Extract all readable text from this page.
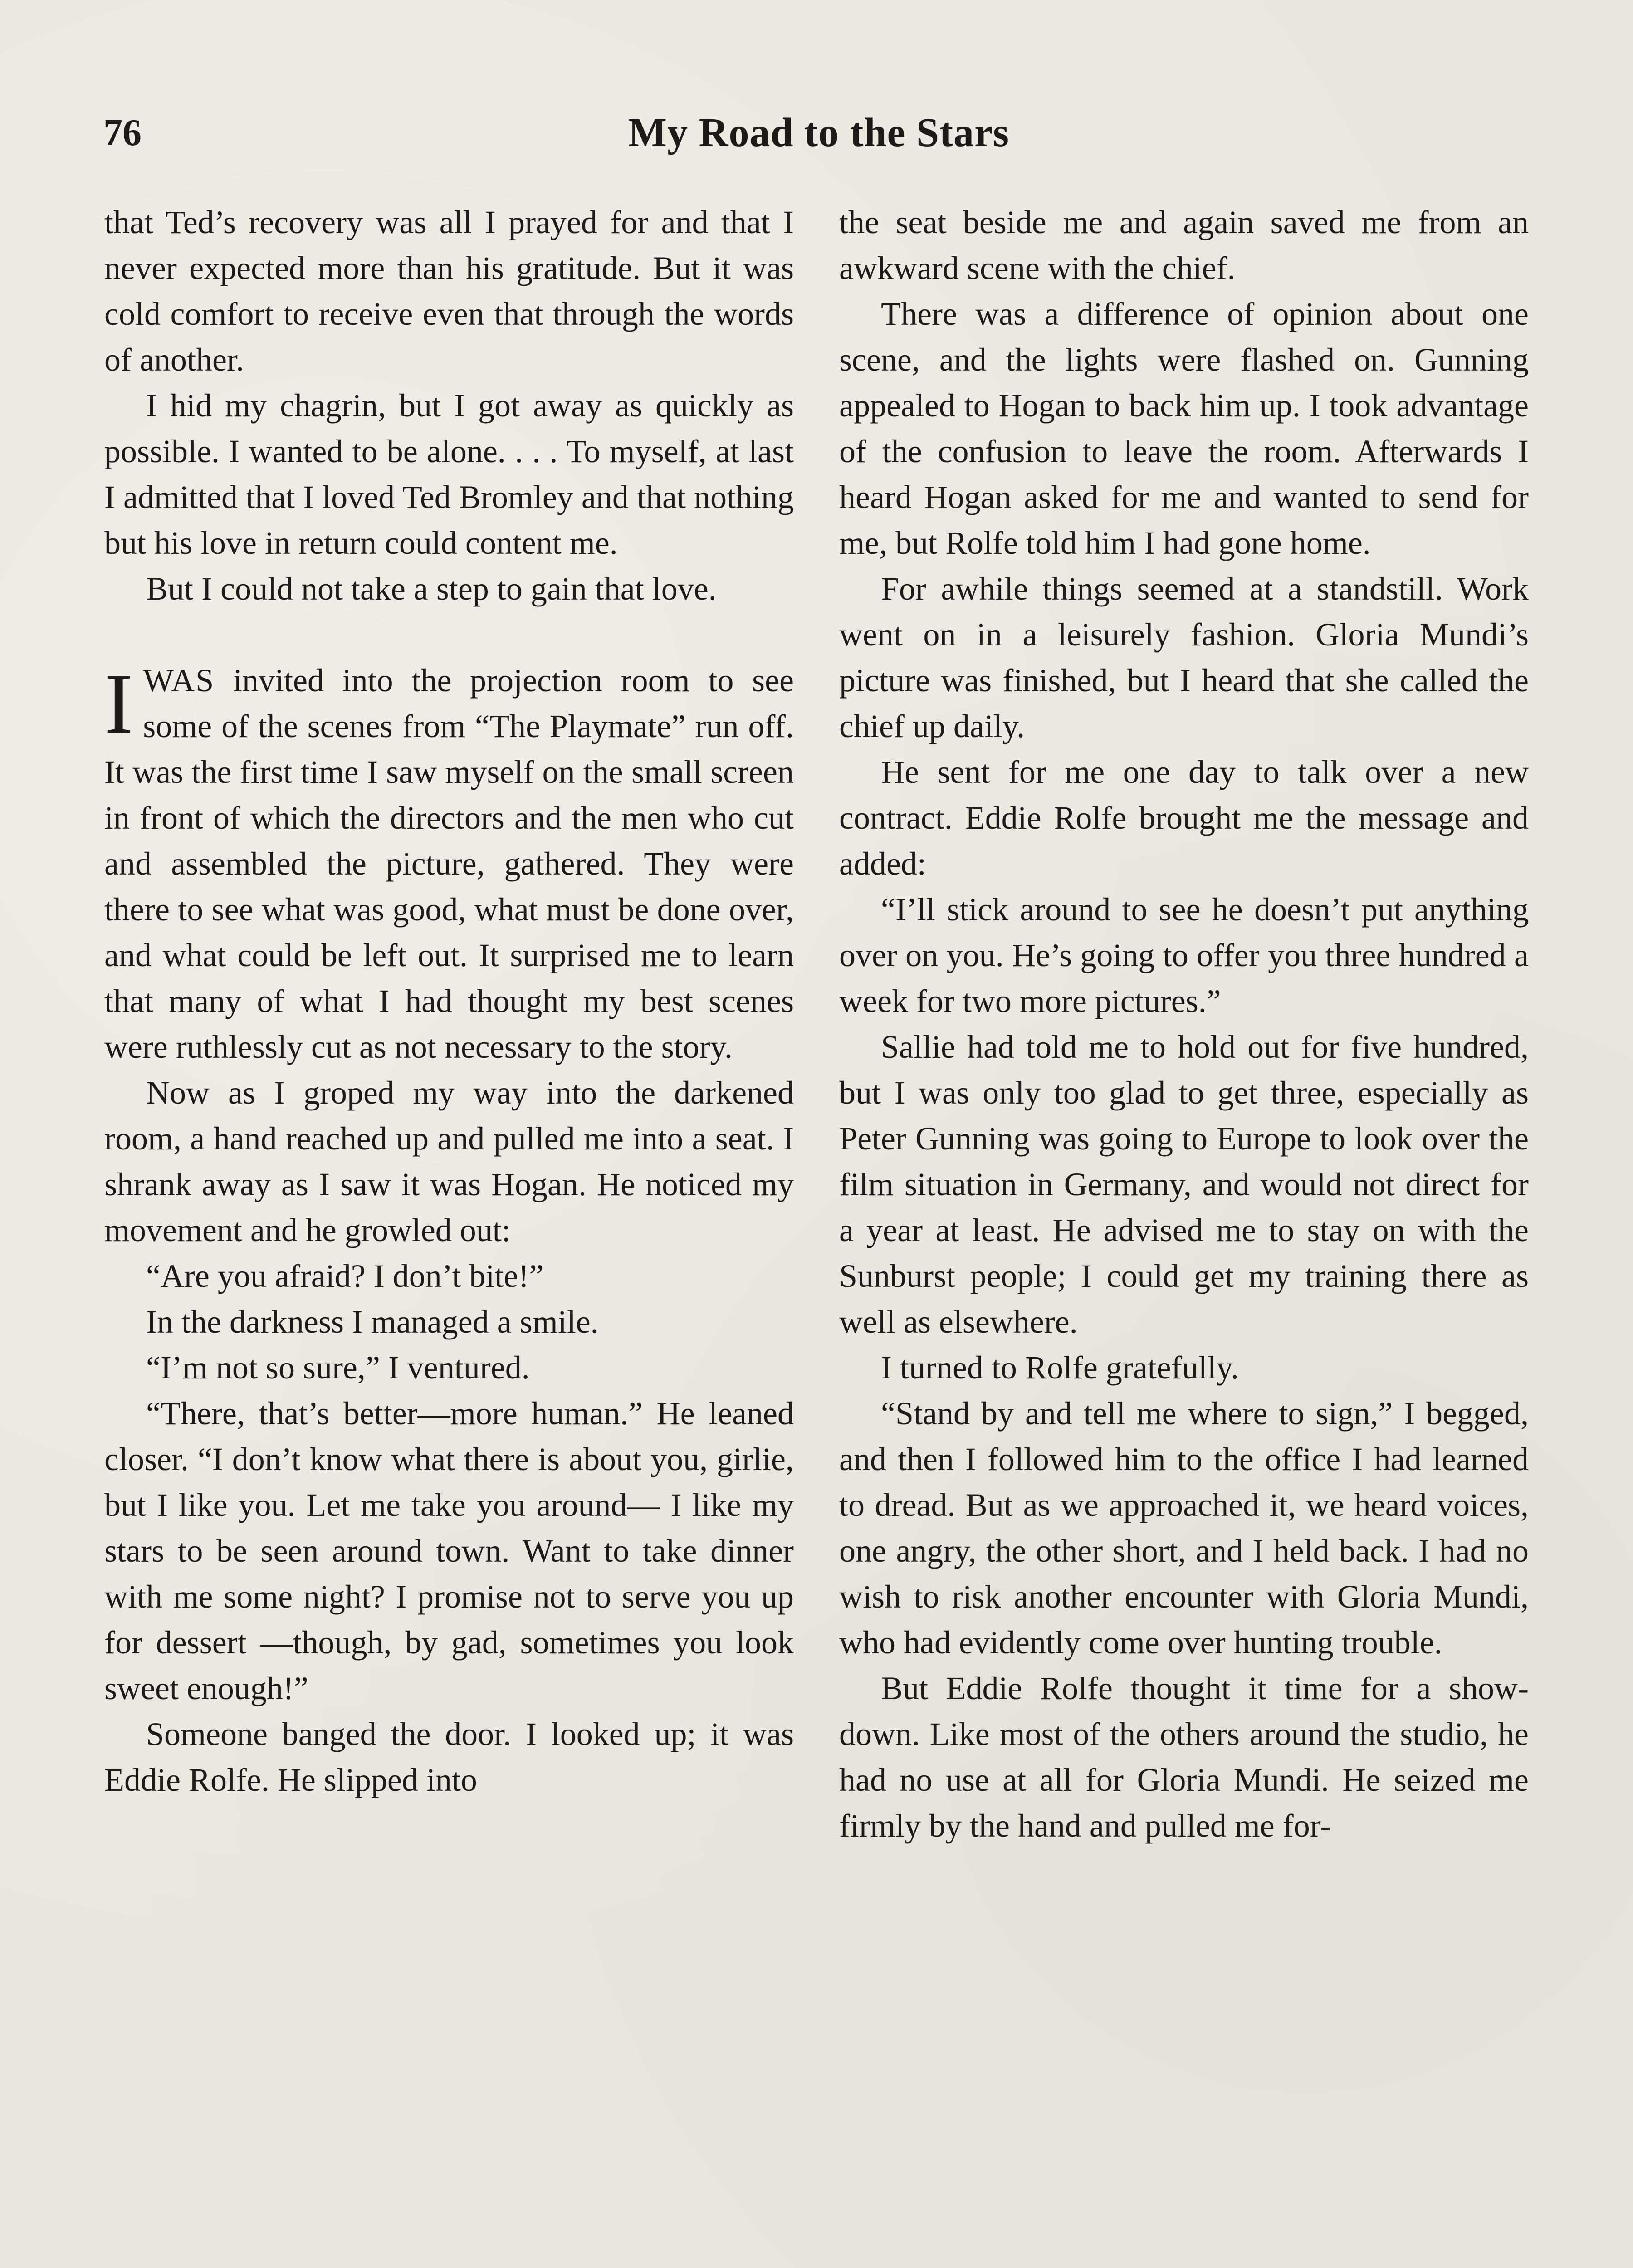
76	My Road to the Stars

that Ted’s recovery was all I prayed for and that I never expected more than his gratitude. But it was cold comfort to receive even that through the words of another.

I hid my chagrin, but I got away as quickly as possible. I wanted to be alone. . . . To myself, at last I admitted that I loved Ted Bromley and that nothing but his love in return could content me.

But I could not take a step to gain that love.

IWAS invited into the projection room to see some of the scenes from “The Playmate” run off. It was the first time I saw myself on the small screen in front of which the directors and the men who cut and assembled the picture, gathered. They were there to see what was good, what must be done over, and what could be left out. It surprised me to learn that many of what I had thought my best scenes were ruthlessly cut as not necessary to the story.

Now as I groped my way into the darkened room, a hand reached up and pulled me into a seat. I shrank away as I saw it was Hogan. He noticed my movement and he growled out:

“Are you afraid? I don’t bite!”

In the darkness I managed a smile.

“I’m not so sure,” I ventured.

“There, that’s better—more human.” He leaned closer. “I don’t know what there is about you, girlie, but I like you. Let me take you around— I like my stars to be seen around town. Want to take dinner with me some night? I promise not to serve you up for dessert —though, by gad, sometimes you look sweet enough!”

Someone banged the door. I looked up; it was Eddie Rolfe. He slipped into

the seat beside me and again saved me from an awkward scene with the chief.

There was a difference of opinion about one scene, and the lights were flashed on. Gunning appealed to Hogan to back him up. I took advantage of the confusion to leave the room. Afterwards I heard Hogan asked for me and wanted to send for me, but Rolfe told him I had gone home.

For awhile things seemed at a standstill. Work went on in a leisurely fashion. Gloria Mundi’s picture was finished, but I heard that she called the chief up daily.

He sent for me one day to talk over a new contract. Eddie Rolfe brought me the message and added:

“I’ll stick around to see he doesn’t put anything over on you. He’s going to offer you three hundred a week for two more pictures.”

Sallie had told me to hold out for five hundred, but I was only too glad to get three, especially as Peter Gunning was going to Europe to look over the film situation in Germany, and would not direct for a year at least. He advised me to stay on with the Sunburst people; I could get my training there as well as elsewhere.

I turned to Rolfe gratefully.

“Stand by and tell me where to sign,” I begged, and then I followed him to the office I had learned to dread. But as we approached it, we heard voices, one angry, the other short, and I held back. I had no wish to risk another encounter with Gloria Mundi, who had evidently come over hunting trouble.

But Eddie Rolfe thought it time for a show-down. Like most of the others around the studio, he had no use at all for Gloria Mundi. He seized me firmly by the hand and pulled me for-
